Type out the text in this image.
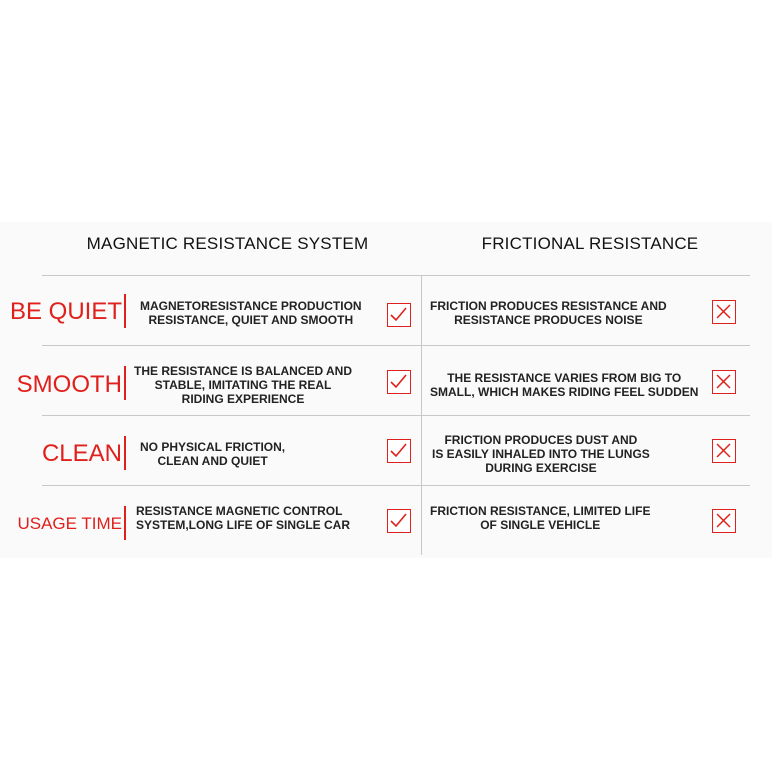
MAGNETIC RESISTANCE SYSTEM	FRICTIONAL RESISTANCE
BE QUIET MAGNETORESISTANCE PRODUCTION
RESISTANCE, QUIET AND SMOOTH
FRICTION PRODUCES RESISTANCE AND
RESISTANCE PRODUCES NOISE
SMOOTH THE RESISTANCE IS BALANCED AND
STABLE, IMITATING THE REAL
RIDING EXPERIENCE
THE RESISTANCE VARIES FROM BIG TO
SMALL, WHICH MAKES RIDING FEEL SUDDEN
CLEAN NO PHYSICAL FRICTION,
CLEAN AND QUIET
FRICTION PRODUCES DUST AND
IS EASILY INHALED INTO THE LUNGS
DURING EXERCISE
USAGE TIME
RESISTANCE MAGNETIC CONTROL
SYSTEM,LONG LIFE OF SINGLE CAR
FRICTION RESISTANCE, LIMITED LIFE
OF SINGLE VEHICLE
